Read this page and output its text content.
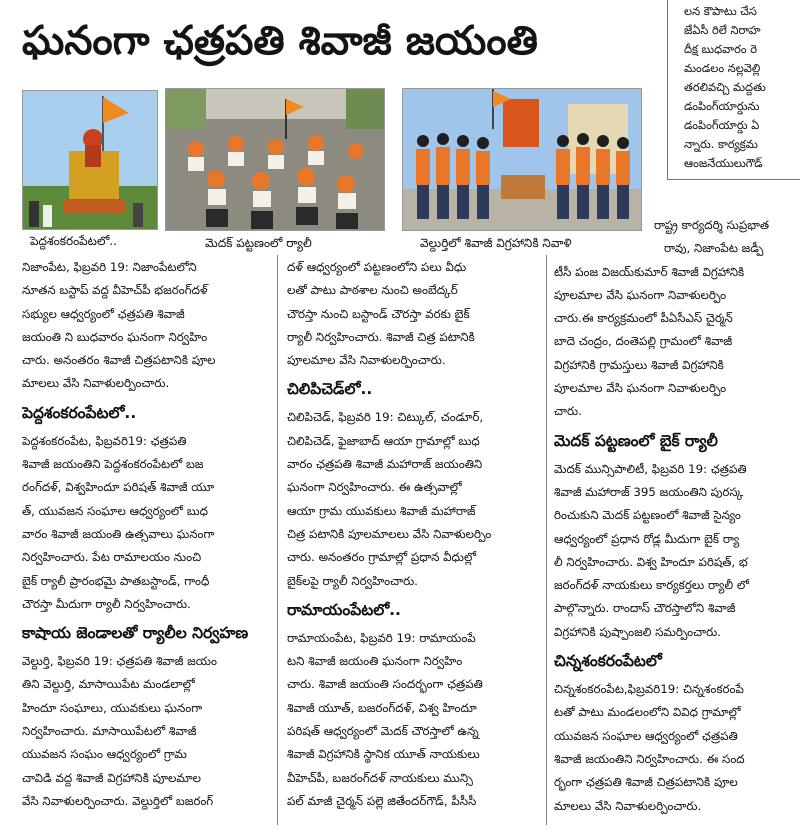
ఘనంగా ఛత్రపతి శివాజీ జయంతి
లన కౌపాటు చేస
జేఏసీ రిలే నిరాహ
దీక్ష బుధవారం రె
మండలం నల్లవెల్లి
తరలివచ్చి మద్దతు
డంపింగ్‌యార్డును
డంపింగ్‌యార్డు ఏ
న్నారు. కార్యక్రమ
ఆంజనేయులుగౌడ్
పెద్దశంకరంపేటలో..	మెదక్ పట్టణంలో ర్యాలీ	వెల్దుర్తిలో శివాజీ విగ్రహానికి నివాళి
నిజాంపేట, ఫిబ్రవరి 19: నిజాంపేటలోని
నూతన బస్టాప్ వద్ద వీహెచ్‌పీ భజరంగ్‌దళ్
సభ్యుల ఆధ్వర్యంలో ఛత్రపతి శివాజీ
జయంతి ని బుధవారం ఘనంగా నిర్వహిం
చారు. అనంతరం శివాజీ చిత్రపటానికి పూల
మాలలు వేసి నివాళులర్పించారు.
పెద్దశంకరంపేటలో..
పెద్దశంకరంపేట, ఫిబ్రవరి19: ఛత్రపతి
శివాజీ జయంతిని పెద్దశంకరంపేటలో బజ
రంగ్‌దళ్, విశ్వహిందూ పరిషత్ శివాజీ యూ
త్, యువజన సంఘాల ఆధ్వర్యంలో బుధ
వారం శివాజీ జయంతి ఉత్సవాలు ఘనంగా
నిర్వహించారు. పేట రామాలయం నుంచి
బైక్ ర్యాలీ ప్రారంభమై పాతబస్టాండ్, గాంధీ
చౌరస్తా మీదుగా ర్యాలీ నిర్వహించారు.
కాషాయ జెండాలతో ర్యాలీల నిర్వహణ
వెల్దుర్తి, ఫిబ్రవరి 19: ఛత్రపతి శివాజీ జయం
తిని వెల్దుర్తి, మాసాయిపేట మండలాల్లో
హిందూ సంఘాలు, యువకులు ఘనంగా
నిర్వహించారు. మాసాయిపేటలో శివాజీ
యువజన సంఘం ఆధ్వర్యంలో గ్రామ
చావిడి వద్ద శివాజీ విగ్రహానికి పూలమాల
వేసి నివాళులర్పించారు. వెల్దుర్తిలో బజరంగ్
దళ్ ఆధ్వర్యంలో పట్టణంలోని పలు వీధు
లతో పాటు పాఠశాల నుంచి అంబేద్కర్
చౌరస్తా నుంచి బస్టాండ్ చౌరస్తా వరకు బైక్
ర్యాలీ నిర్వహించారు. శివాజీ చిత్ర పటానికి
పూలమాల వేసి నివాళులర్పించారు.
చిలిపిచెడ్‌లో..
చిలిపిచెడ్, ఫిబ్రవరి 19: చిట్కుల్, చండూర్,
చిలిపిచెడ్, ఫైజాబాద్ ఆయా గ్రామాల్లో బుధ
వారం ఛత్రపతి శివాజీ మహారాజ్ జయంతిని
ఘనంగా నిర్వహించారు. ఈ ఉత్సవాల్లో
ఆయా గ్రామ యువకులు శివాజీ మహారాజ్
చిత్ర పటానికి పూలమాలలు వేసి నివాళులర్పిం
చారు. అనంతరం గ్రామాల్లో ప్రధాన వీధుల్లో
బైక్‌లపై ర్యాలీ నిర్వహించారు.
రామాయంపేటలో..
రామాయంపేట, ఫిబ్రవరి 19: రామాయంపే
టని శివాజీ జయంతి ఘనంగా నిర్వహిం
చారు. శివాజీ జయంతి సందర్భంగా ఛత్రపతి
శివాజీ యూత్, బజరంగ్‌దళ్, విశ్వ హిందూ
పరిషత్ ఆధ్వర్యంలో మెదక్ చౌరస్తాలో ఉన్న
శివాజీ విగ్రహానికి స్థానిక యూత్ నాయకులు
వీహెచ్‌పీ, బజరంగ్‌దళ్ నాయకులు మున్సి
పల్ మాజీ చైర్మన్ పల్లె జితేందర్‌గౌడ్, పీసీసీ
రాష్ట్ర కార్యదర్శి సుప్రభాత
రావు, నిజాంపేట జడ్పీ
టీసీ పంజ విజయ్‌కుమార్ శివాజీ విగ్రహానికి
పూలమాల వేసి ఘనంగా నివాళులర్పిం
చారు.ఈ కార్యక్రమంలో పీఏసీఎస్ చైర్మన్
బాదె చంద్రం, దంతెపల్లి గ్రామంలో శివాజీ
విగ్రహానికి గ్రామస్తులు శివాజీ విగ్రహానికి
పూలమాల వేసి ఘనంగా నివాళులర్పిం
చారు.
మెదక్ పట్టణంలో బైక్ ర్యాలీ
మెదక్ మున్సిపాలిటీ, ఫిబ్రవరి 19: ఛత్రపతి
శివాజీ మహారాజ్ 395 జయంతిని పురస్క
రించుకుని మెదక్ పట్టణంలో శివాజీ సైన్యం
ఆధ్వర్యంలో ప్రధాన రోడ్ల మీదుగా బైక్ ర్యా
లీ నిర్వహించారు. విశ్వ హిందూ పరిషత్, భ
జరంగ్‌దళ్ నాయకులు కార్యకర్తలు ర్యాలీ లో
పాల్గొన్నారు. రాందాస్ చౌరస్తాలోని శివాజీ
విగ్రహానికి పుష్పాంజలి సమర్పించారు.
చిన్నశంకరంపేటలో
చిన్నశంకరంపేట,ఫిబ్రవరి19: చిన్నశంకరంపే
టతో పాటు మండలంలోని వివిధ గ్రామాల్లో
యువజన సంఘాల ఆధ్వర్యంలో ఛత్రపతి
శివాజీ జయంతిని నిర్వహించారు. ఈ సంద
ర్భంగా ఛత్రపతి శివాజీ చిత్రపటానికి పూల
మాలలు వేసి నివాళులర్పించారు.
